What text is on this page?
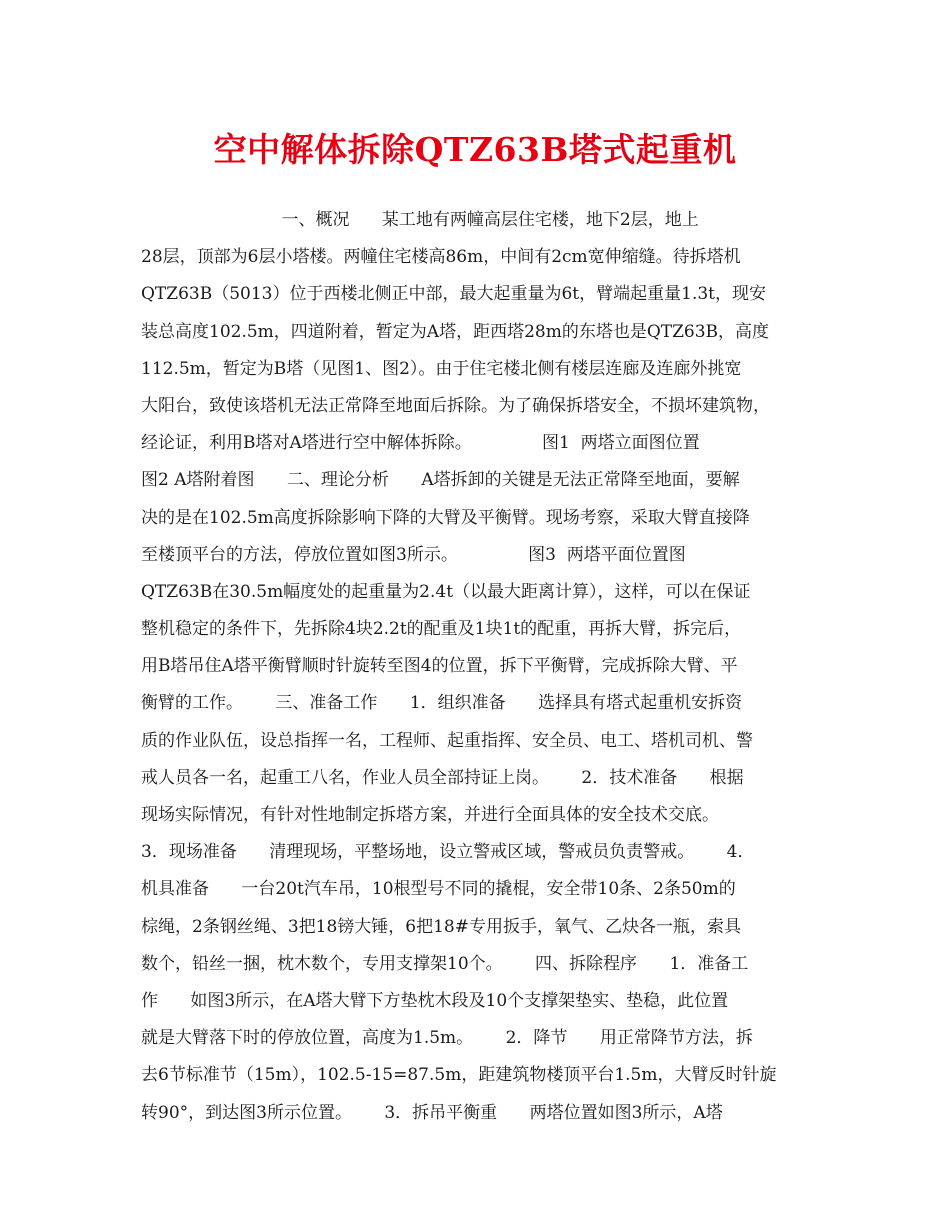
空中解体拆除QTZ63B塔式起重机
一、概况      某工地有两幢高层住宅楼，地下2层，地上
28层，顶部为6层小塔楼。两幢住宅楼高86m，中间有2cm宽伸缩缝。待拆塔机
QTZ63B（5013）位于西楼北侧正中部，最大起重量为6t，臂端起重量1.3t，现安
装总高度102.5m，四道附着，暂定为A塔，距西塔28m的东塔也是QTZ63B，高度
112.5m，暂定为B塔（见图1、图2）。由于住宅楼北侧有楼层连廊及连廊外挑宽
大阳台，致使该塔机无法正常降至地面后拆除。为了确保拆塔安全，不损坏建筑物，
经论证，利用B塔对A塔进行空中解体拆除。             图1  两塔立面图位置
图2 A塔附着图      二、理论分析      A塔拆卸的关键是无法正常降至地面，要解
决的是在102.5m高度拆除影响下降的大臂及平衡臂。现场考察，采取大臂直接降
至楼顶平台的方法，停放位置如图3所示。             图3  两塔平面位置图
QTZ63B在30.5m幅度处的起重量为2.4t（以最大距离计算），这样，可以在保证
整机稳定的条件下，先拆除4块2.2t的配重及1块1t的配重，再拆大臂，拆完后，
用B塔吊住A塔平衡臂顺时针旋转至图4的位置，拆下平衡臂，完成拆除大臂、平
衡臂的工作。      三、准备工作      1．组织准备      选择具有塔式起重机安拆资
质的作业队伍，设总指挥一名，工程师、起重指挥、安全员、电工、塔机司机、警
戒人员各一名，起重工八名，作业人员全部持证上岗。      2．技术准备      根据
现场实际情况，有针对性地制定拆塔方案，并进行全面具体的安全技术交底。
3．现场准备      清理现场，平整场地，设立警戒区域，警戒员负责警戒。      4．
机具准备      一台20t汽车吊，10根型号不同的撬棍，安全带10条、2条50m的
棕绳，2条钢丝绳、3把18镑大锤，6把18#专用扳手，氧气、乙炔各一瓶，索具
数个，铅丝一捆，枕木数个，专用支撑架10个。      四、拆除程序      1．准备工
作      如图3所示，在A塔大臂下方垫枕木段及10个支撑架垫实、垫稳，此位置
就是大臂落下时的停放位置，高度为1.5m。      2．降节      用正常降节方法，拆
去6节标准节（15m），102.5-15=87.5m，距建筑物楼顶平台1.5m，大臂反时针旋
转90°，到达图3所示位置。      3．拆吊平衡重      两塔位置如图3所示，A塔
